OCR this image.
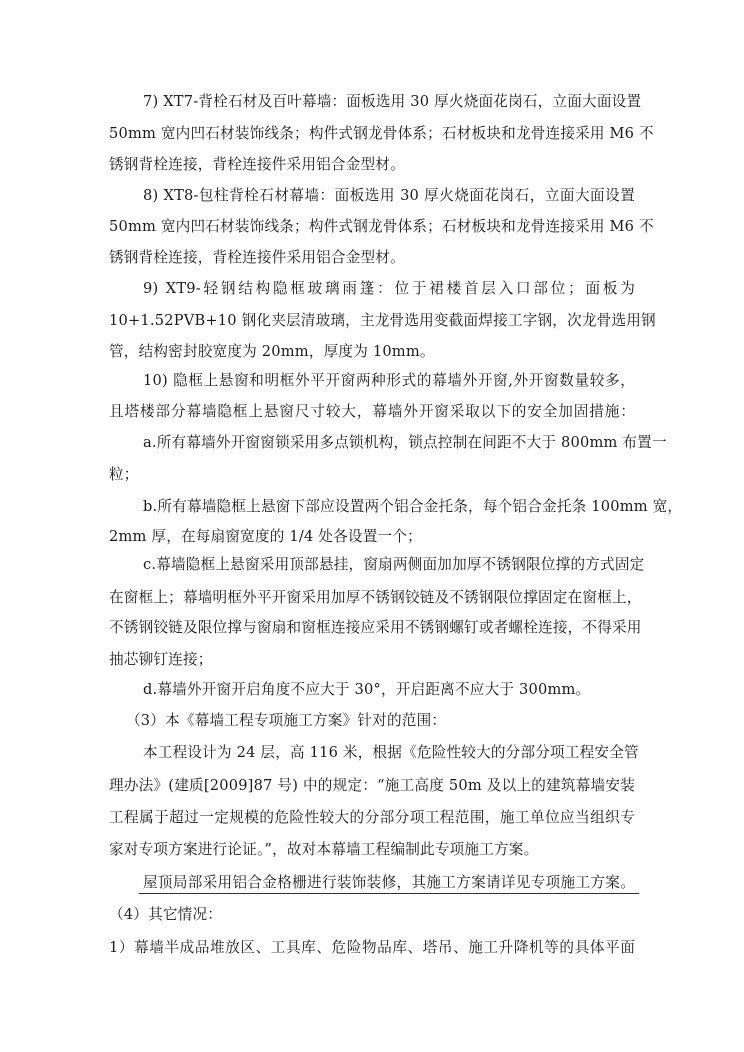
7) XT7-背栓石材及百叶幕墙：面板选用 30 厚火烧面花岗石，立面大面设置
50mm 宽内凹石材装饰线条；构件式钢龙骨体系；石材板块和龙骨连接采用 M6 不
锈钢背栓连接，背栓连接件采用铝合金型材。
8) XT8-包柱背栓石材幕墙：面板选用 30 厚火烧面花岗石，立面大面设置
50mm 宽内凹石材装饰线条；构件式钢龙骨体系；石材板块和龙骨连接采用 M6 不
锈钢背栓连接，背栓连接件采用铝合金型材。
9) XT9-轻钢结构隐框玻璃雨篷：位于裙楼首层入口部位；面板为
10+1.52PVB+10 钢化夹层清玻璃，主龙骨选用变截面焊接工字钢，次龙骨选用钢
管，结构密封胶宽度为 20mm，厚度为 10mm。
10) 隐框上悬窗和明框外平开窗两种形式的幕墙外开窗,外开窗数量较多，
且塔楼部分幕墙隐框上悬窗尺寸较大，幕墙外开窗采取以下的安全加固措施：
a.所有幕墙外开窗窗锁采用多点锁机构，锁点控制在间距不大于 800mm 布置一
粒；
b.所有幕墙隐框上悬窗下部应设置两个铝合金托条，每个铝合金托条 100mm 宽，
2mm 厚，在每扇窗宽度的 1/4 处各设置一个；
c.幕墙隐框上悬窗采用顶部悬挂，窗扇两侧面加加厚不锈钢限位撑的方式固定
在窗框上；幕墙明框外平开窗采用加厚不锈钢铰链及不锈钢限位撑固定在窗框上，
不锈钢铰链及限位撑与窗扇和窗框连接应采用不锈钢螺钉或者螺栓连接，不得采用
抽芯铆钉连接；
d.幕墙外开窗开启角度不应大于 30°，开启距离不应大于 300mm。
（3）本《幕墙工程专项施工方案》针对的范围：
本工程设计为 24 层，高 116 米，根据《危险性较大的分部分项工程安全管
理办法》(建质[2009]87 号) 中的规定：“施工高度 50m 及以上的建筑幕墙安装
工程属于超过一定规模的危险性较大的分部分项工程范围，施工单位应当组织专
家对专项方案进行论证。”，故对本幕墙工程编制此专项施工方案。
屋顶局部采用铝合金格栅进行装饰装修，其施工方案请详见专项施工方案。
（4）其它情况：
1）幕墙半成品堆放区、工具库、危险物品库、塔吊、施工升降机等的具体平面
